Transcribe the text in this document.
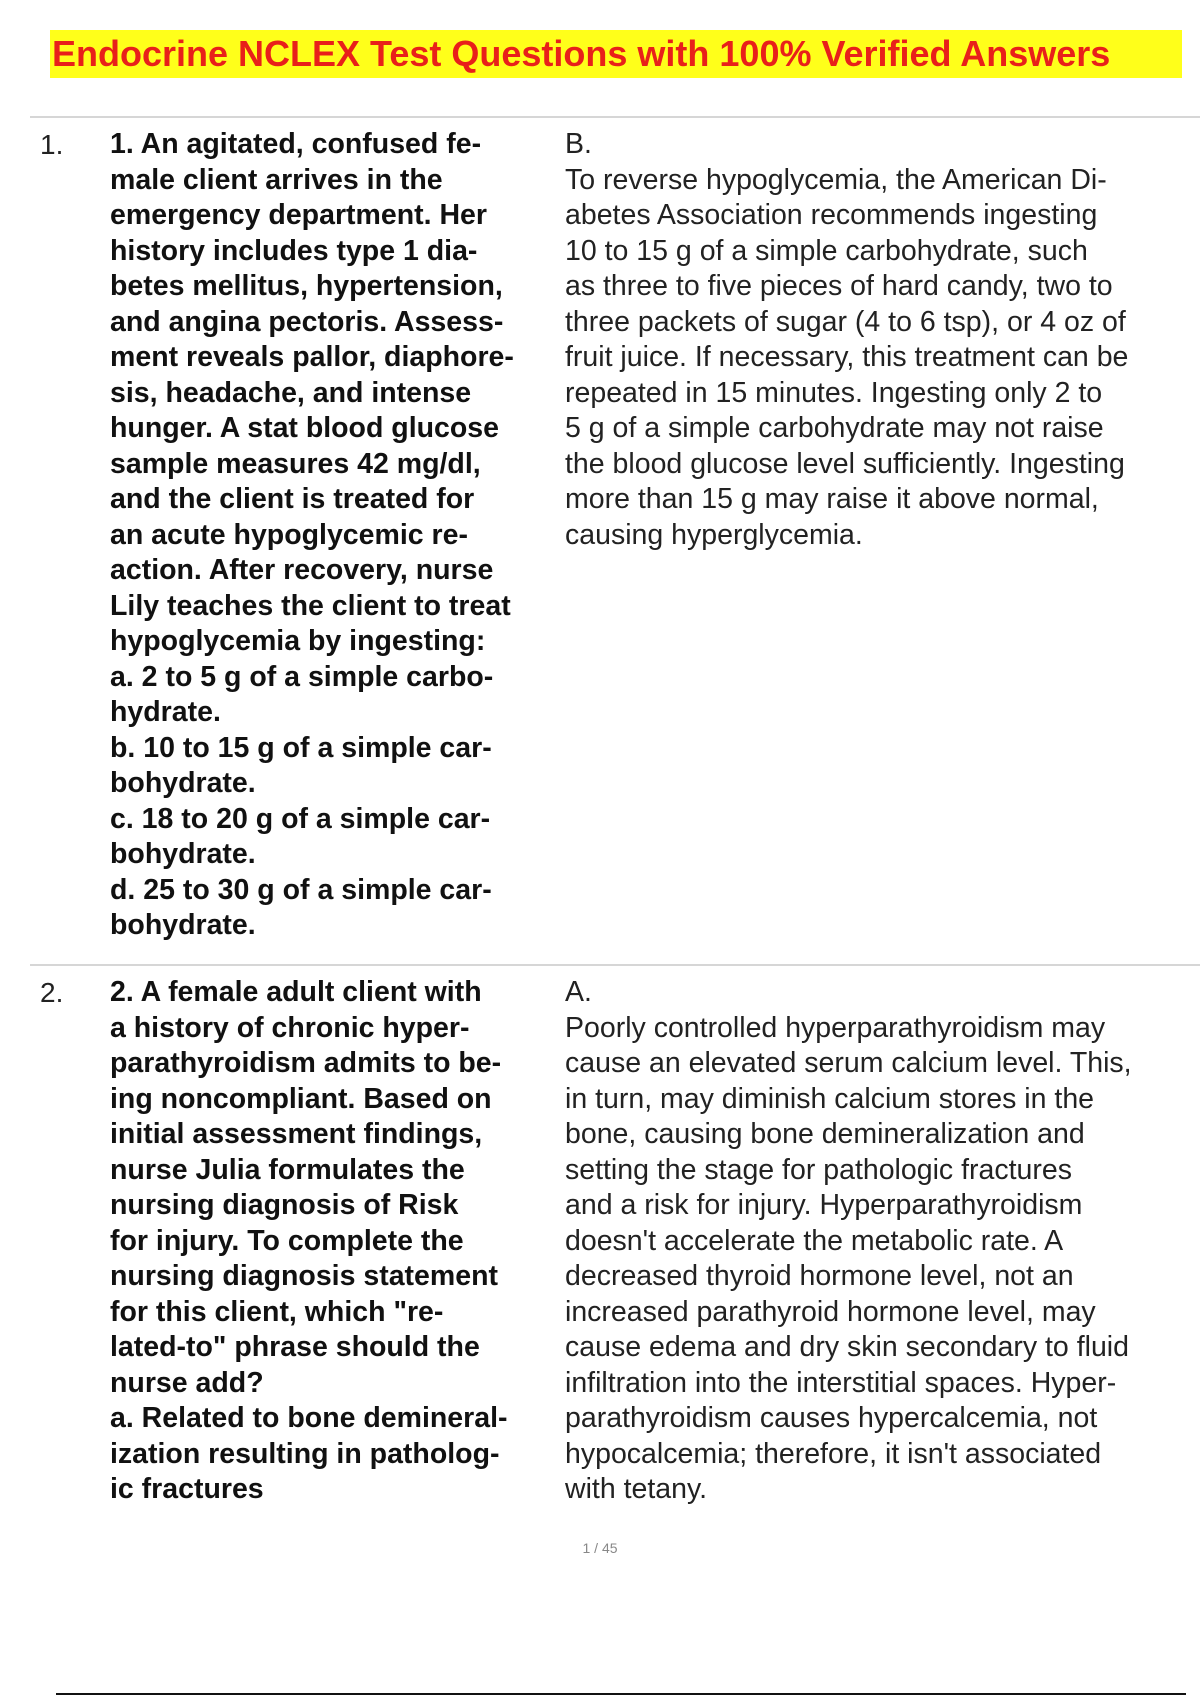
Endocrine NCLEX Test Questions with 100% Verified Answers
1. 1. An agitated, confused fe-
male client arrives in the
emergency department. Her
history includes type 1 dia-
betes mellitus, hypertension,
and angina pectoris. Assess-
ment reveals pallor, diaphore-
sis, headache, and intense
hunger. A stat blood glucose
sample measures 42 mg/dl,
and the client is treated for
an acute hypoglycemic re-
action. After recovery, nurse
Lily teaches the client to treat
hypoglycemia by ingesting:
a. 2 to 5 g of a simple carbo-
hydrate.
b. 10 to 15 g of a simple car-
bohydrate.
c. 18 to 20 g of a simple car-
bohydrate.
d. 25 to 30 g of a simple car-
bohydrate.
B.
To reverse hypoglycemia, the American Di-
abetes Association recommends ingesting
10 to 15 g of a simple carbohydrate, such
as three to five pieces of hard candy, two to
three packets of sugar (4 to 6 tsp), or 4 oz of
fruit juice. If necessary, this treatment can be
repeated in 15 minutes. Ingesting only 2 to
5 g of a simple carbohydrate may not raise
the blood glucose level sufficiently. Ingesting
more than 15 g may raise it above normal,
causing hyperglycemia.
2. 2. A female adult client with
a history of chronic hyper-
parathyroidism admits to be-
ing noncompliant. Based on
initial assessment findings,
nurse Julia formulates the
nursing diagnosis of Risk
for injury. To complete the
nursing diagnosis statement
for this client, which "re-
lated-to" phrase should the
nurse add?
a. Related to bone demineral-
ization resulting in patholog-
ic fractures
A.
Poorly controlled hyperparathyroidism may
cause an elevated serum calcium level. This,
in turn, may diminish calcium stores in the
bone, causing bone demineralization and
setting the stage for pathologic fractures
and a risk for injury. Hyperparathyroidism
doesn't accelerate the metabolic rate. A
decreased thyroid hormone level, not an
increased parathyroid hormone level, may
cause edema and dry skin secondary to fluid
infiltration into the interstitial spaces. Hyper-
parathyroidism causes hypercalcemia, not
hypocalcemia; therefore, it isn't associated
with tetany.
1 / 45
